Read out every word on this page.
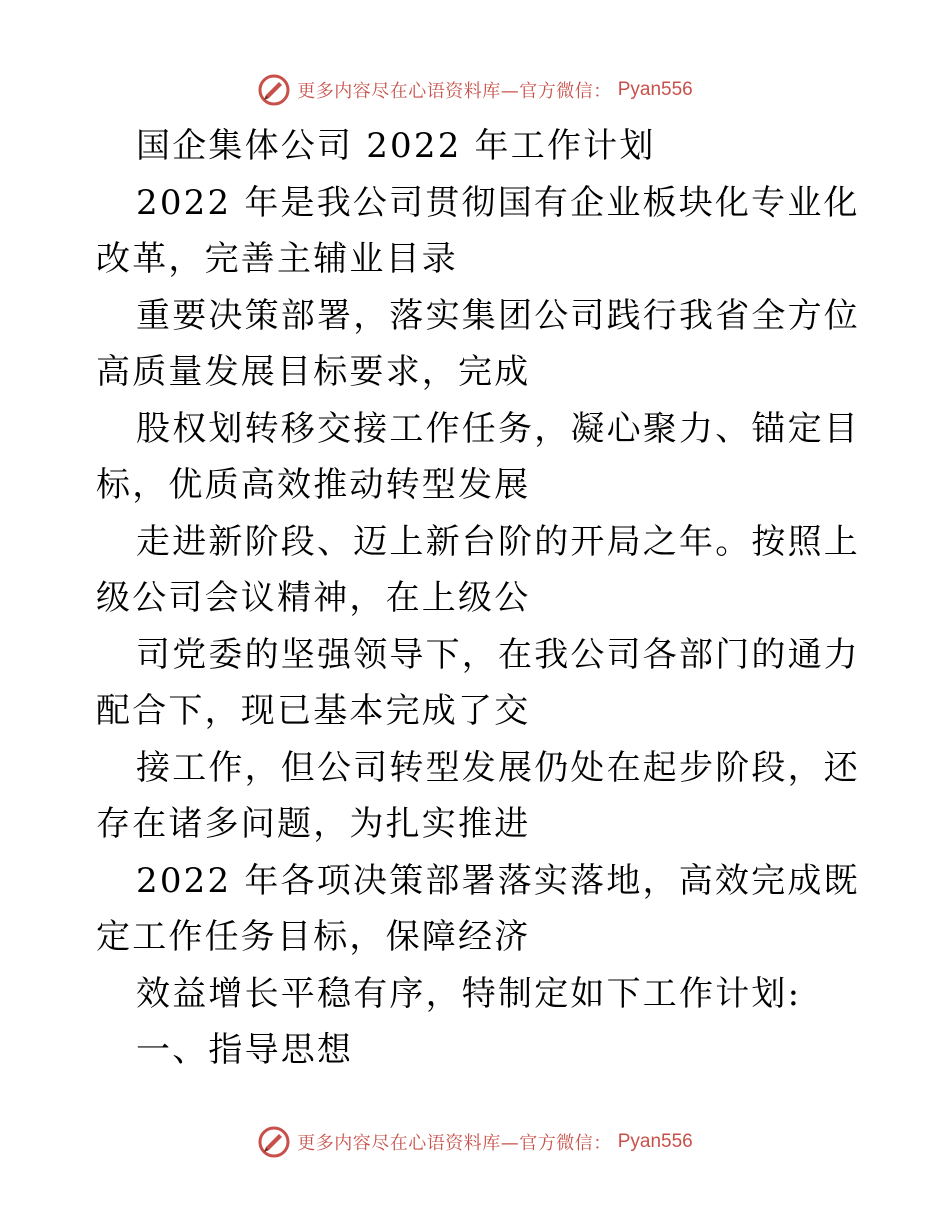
更多内容尽在心语资料库—官方微信： Pyan556

国企集体公司 2022 年工作计划

2022 年是我公司贯彻国有企业板块化专业化改革，完善主辅业目录

重要决策部署，落实集团公司践行我省全方位高质量发展目标要求，完成

股权划转移交接工作任务，凝心聚力、锚定目标，优质高效推动转型发展

走进新阶段、迈上新台阶的开局之年。按照上级公司会议精神，在上级公

司党委的坚强领导下，在我公司各部门的通力配合下，现已基本完成了交

接工作，但公司转型发展仍处在起步阶段，还存在诸多问题，为扎实推进

2022 年各项决策部署落实落地，高效完成既定工作任务目标，保障经济

效益增长平稳有序，特制定如下工作计划:

一、指导思想

更多内容尽在心语资料库—官方微信： Pyan556
